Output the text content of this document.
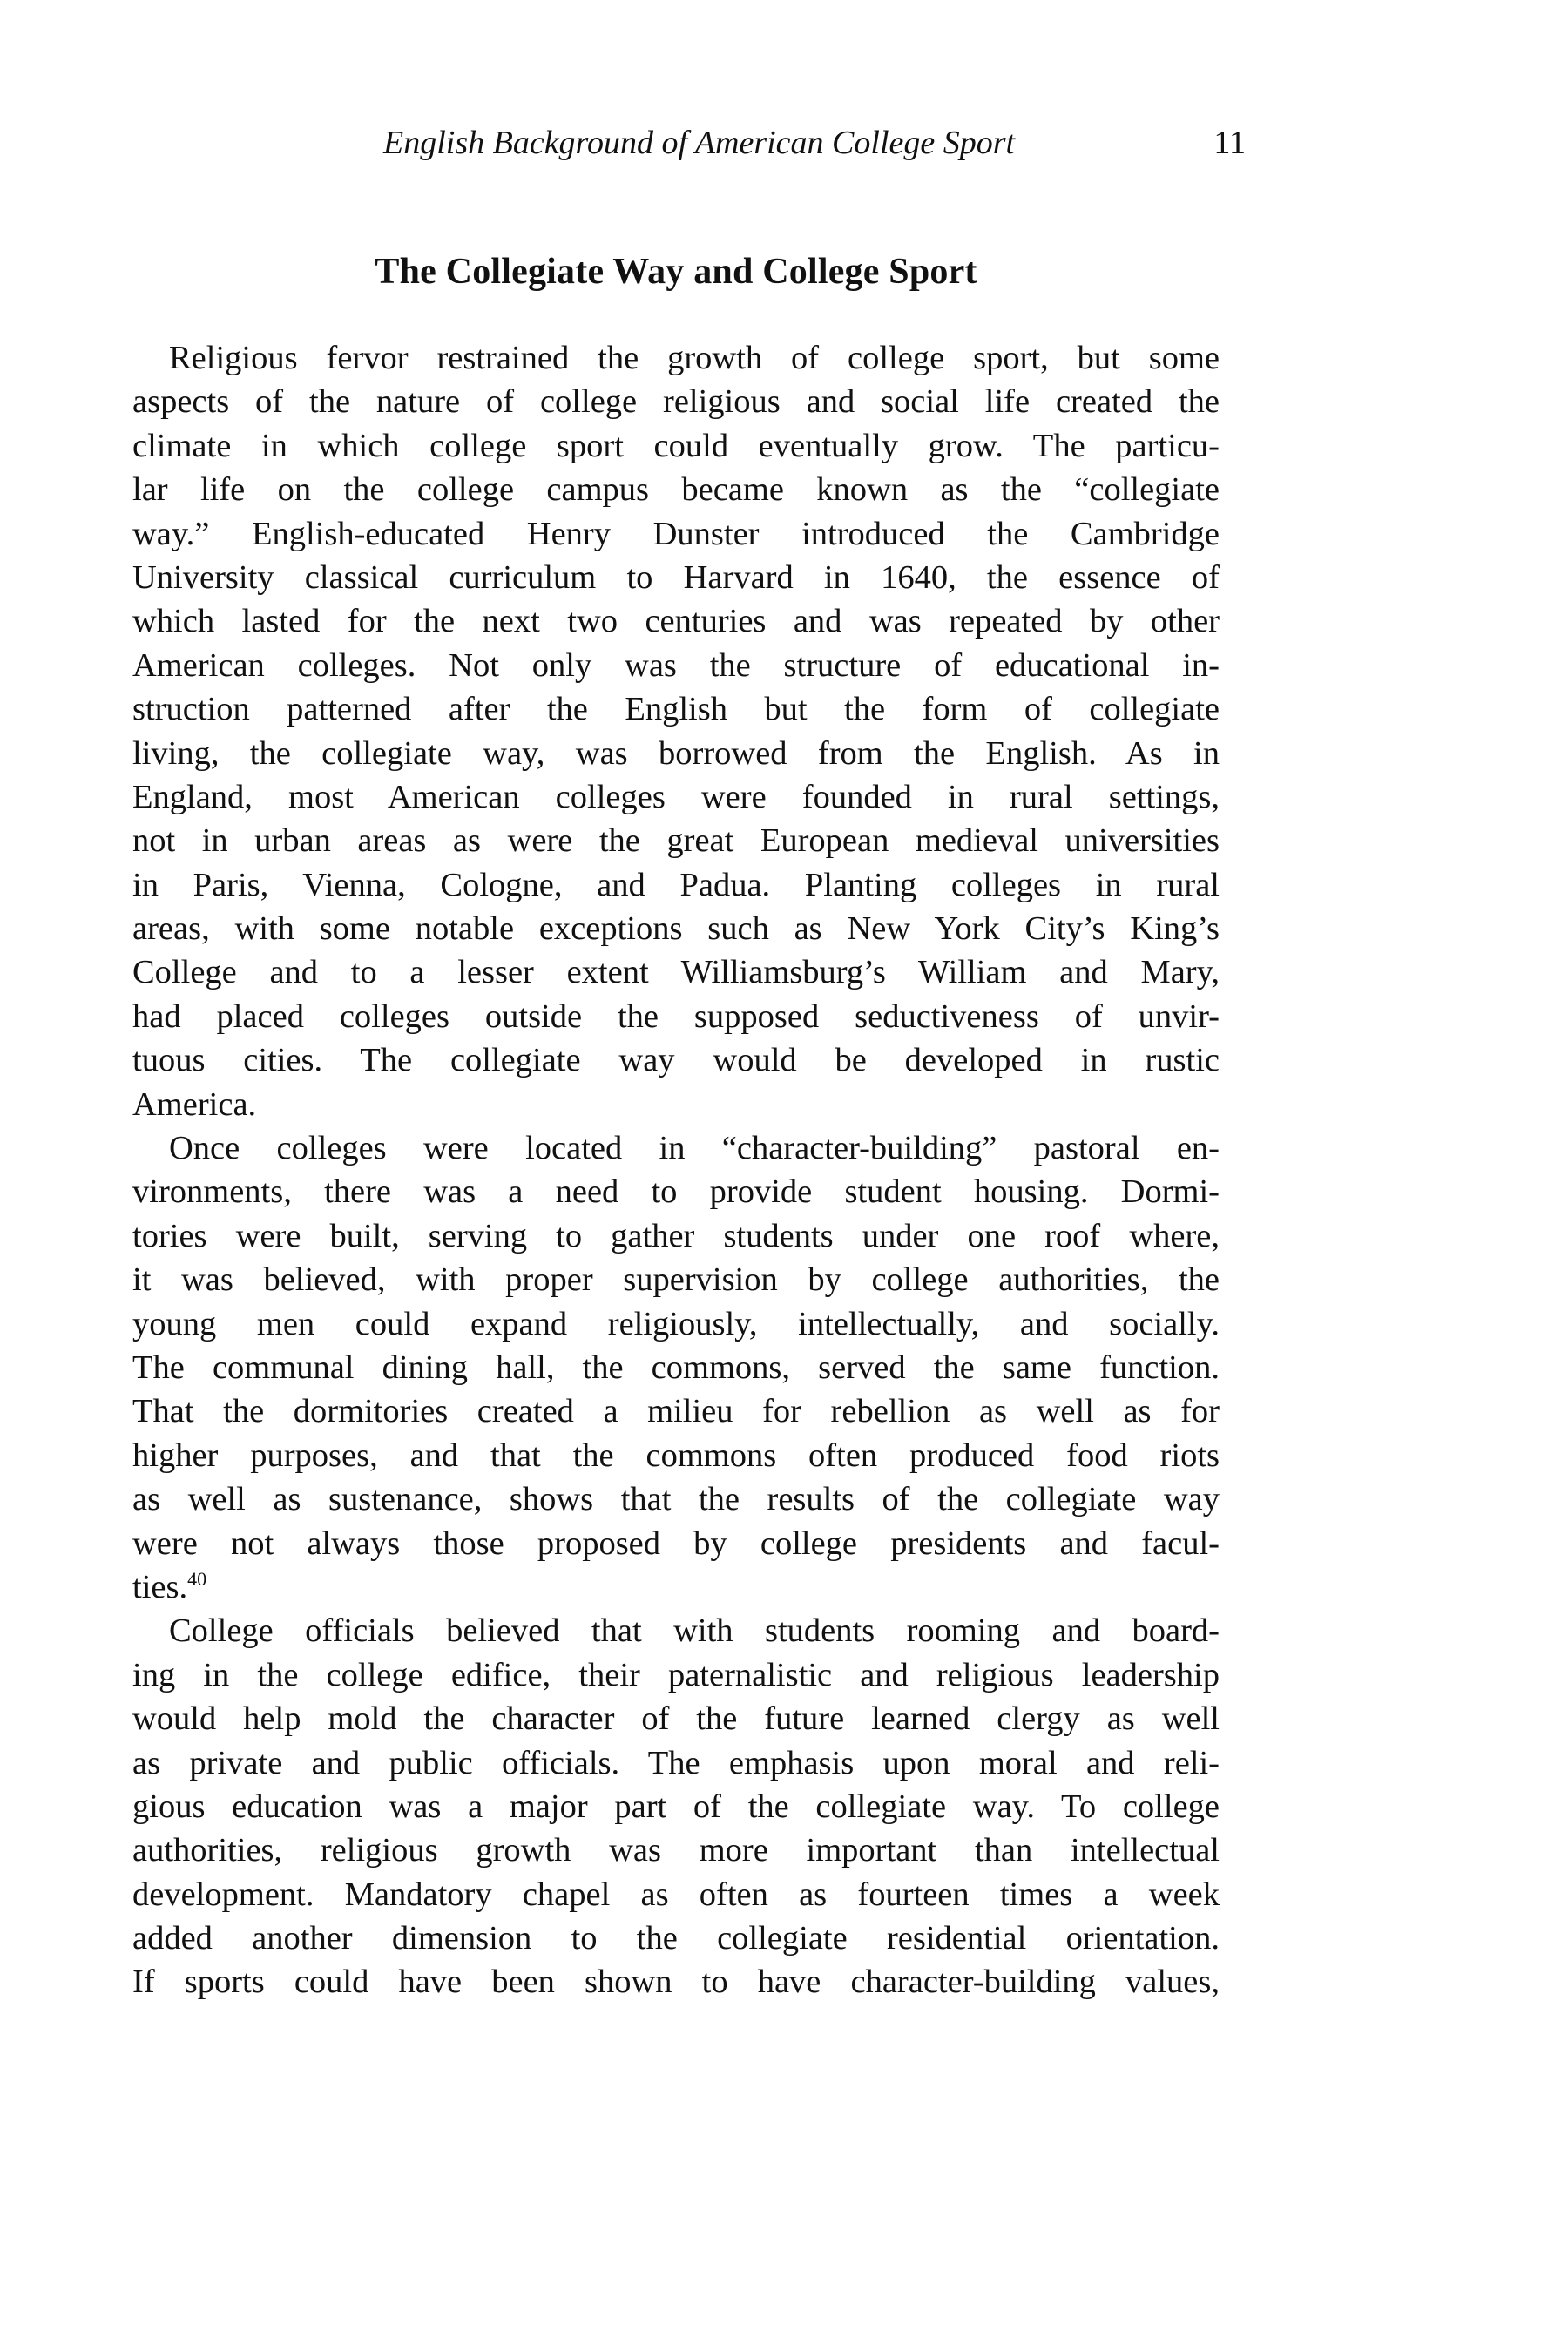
English Background of American College Sport	11
The Collegiate Way and College Sport
Religious fervor restrained the growth of college sport, but some
aspects of the nature of college religious and social life created the
climate in which college sport could eventually grow. The particu-
lar life on the college campus became known as the “collegiate
way.” English-educated Henry Dunster introduced the Cambridge
University classical curriculum to Harvard in 1640, the essence of
which lasted for the next two centuries and was repeated by other
American colleges. Not only was the structure of educational in-
struction patterned after the English but the form of collegiate
living, the collegiate way, was borrowed from the English. As in
England, most American colleges were founded in rural settings,
not in urban areas as were the great European medieval universities
in Paris, Vienna, Cologne, and Padua. Planting colleges in rural
areas, with some notable exceptions such as New York City’s King’s
College and to a lesser extent Williamsburg’s William and Mary,
had placed colleges outside the supposed seductiveness of unvir-
tuous cities. The collegiate way would be developed in rustic
America.
Once colleges were located in “character-building” pastoral en-
vironments, there was a need to provide student housing. Dormi-
tories were built, serving to gather students under one roof where,
it was believed, with proper supervision by college authorities, the
young men could expand religiously, intellectually, and socially.
The communal dining hall, the commons, served the same function.
That the dormitories created a milieu for rebellion as well as for
higher purposes, and that the commons often produced food riots
as well as sustenance, shows that the results of the collegiate way
were not always those proposed by college presidents and facul-
ties.$^{40}$
College officials believed that with students rooming and board-
ing in the college edifice, their paternalistic and religious leadership
would help mold the character of the future learned clergy as well
as private and public officials. The emphasis upon moral and reli-
gious education was a major part of the collegiate way. To college
authorities, religious growth was more important than intellectual
development. Mandatory chapel as often as fourteen times a week
added another dimension to the collegiate residential orientation.
If sports could have been shown to have character-building values,
